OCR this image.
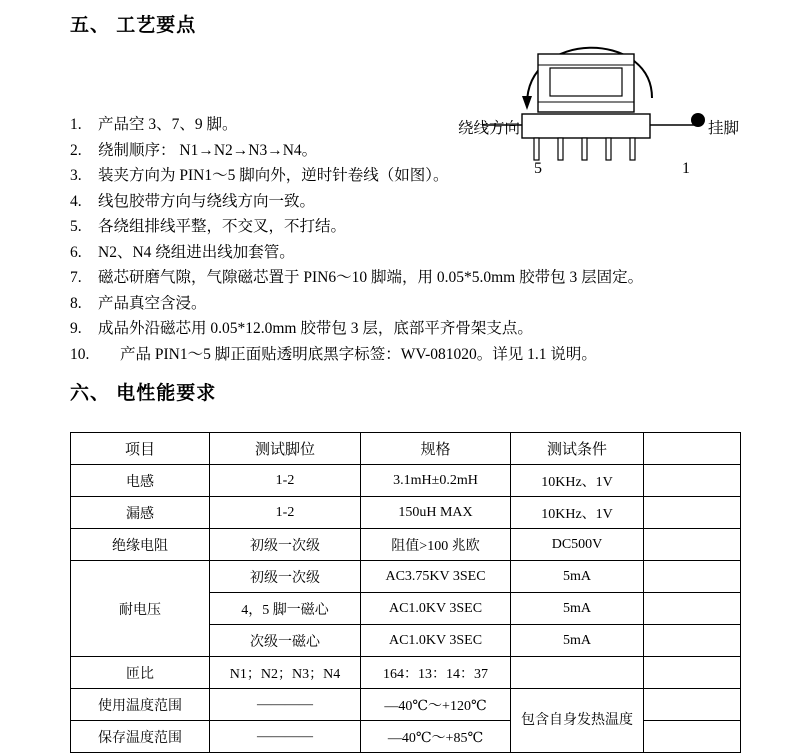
五、 工艺要点
绕线方向	挂脚
5	1
1.	产品空 3、7、9 脚。
2.	绕制顺序： N1→N2→N3→N4。
3.	装夹方向为 PIN1～5 脚向外，逆时针卷线（如图）。
4.	线包胶带方向与绕线方向一致。
5.	各绕组排线平整，不交叉，不打结。
6.	N2、N4 绕组进出线加套管。
7.	磁芯研磨气隙，气隙磁芯置于 PIN6～10 脚端，用 0.05*5.0mm 胶带包 3 层固定。
8.	产品真空含浸。
9.	成品外沿磁芯用 0.05*12.0mm 胶带包 3 层，底部平齐骨架支点。
10.	产品 PIN1～5 脚正面贴透明底黑字标签：WV-081020。详见 1.1 说明。
六、 电性能要求
项目	测试脚位	规格	测试条件	
电感	1-2	3.1mH±0.2mH	10KHz、1V	
漏感	1-2	150uH MAX	10KHz、1V	
绝缘电阻	初级一次级	阻值>100 兆欧	DC500V	
耐电压	初级一次级	AC3.75KV 3SEC	5mA	
	4，5 脚一磁心	AC1.0KV 3SEC	5mA	
	次级一磁心	AC1.0KV 3SEC	5mA	
匝比	N1；N2；N3；N4	164：13：14：37		
使用温度范围	————	—40℃～+120℃	包含自身发热温度	
保存温度范围	————	—40℃～+85℃		
